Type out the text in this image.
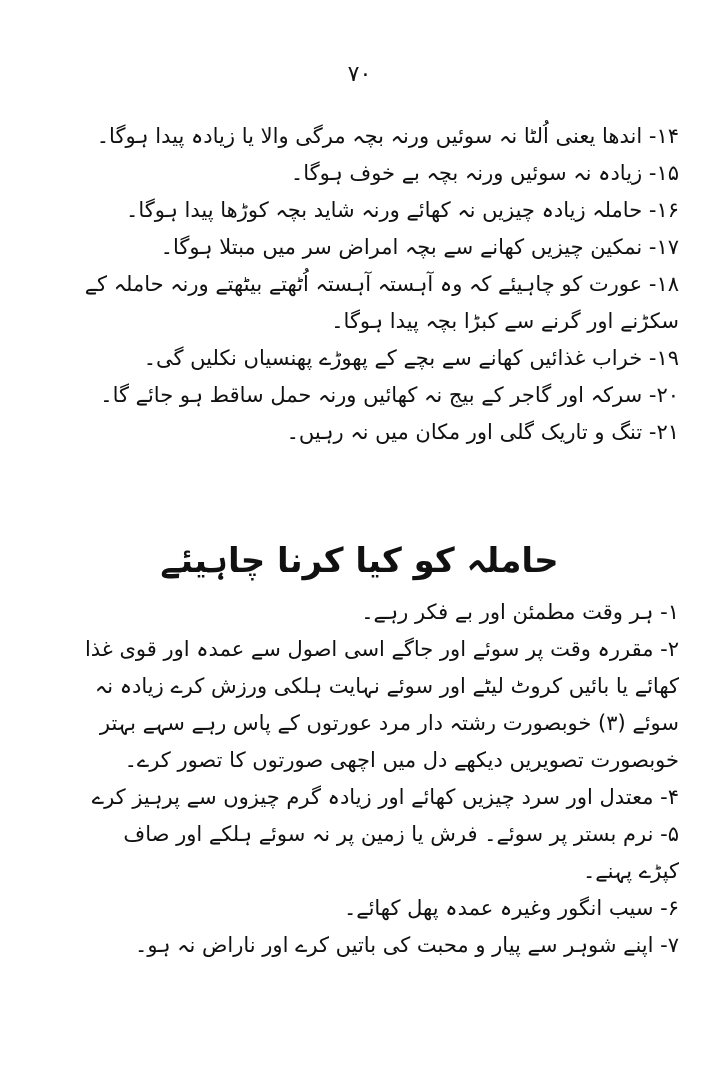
۷۰

۱۴- اندھا یعنی اُلٹا نہ سوئیں ورنہ بچہ مرگی والا یا زیادہ پیدا ہوگا۔

۱۵- زیادہ نہ سوئیں ورنہ بچہ بے خوف ہوگا۔

۱۶- حاملہ زیادہ چیزیں نہ کھائے ورنہ شاید بچہ کوڑھا پیدا ہوگا۔

۱۷- نمکین چیزیں کھانے سے بچہ امراض سر میں مبتلا ہوگا۔

۱۸- عورت کو چاہیئے کہ وہ آہستہ آہستہ اُٹھتے بیٹھتے ورنہ حاملہ کے

سکڑنے اور گرنے سے کبڑا بچہ پیدا ہوگا۔

۱۹- خراب غذائیں کھانے سے بچے کے پھوڑے پھنسیاں نکلیں گی۔

۲۰- سرکہ اور گاجر کے بیج نہ کھائیں ورنہ حمل ساقط ہو جائے گا۔

۲۱- تنگ و تاریک گلی اور مکان میں نہ رہیں۔

حاملہ کو کیا کرنا چاہیئے

۱- ہر وقت مطمئن اور بے فکر رہے۔

۲- مقررہ وقت پر سوئے اور جاگے اسی اصول سے عمدہ اور قوی غذا

کھائے یا بائیں کروٹ لیٹے اور سوئے نہایت ہلکی ورزش کرے زیادہ نہ

سوئے (۳) خوبصورت رشتہ دار مرد عورتوں کے پاس رہے سہے بہتر

خوبصورت تصویریں دیکھے دل میں اچھی صورتوں کا تصور کرے۔

۴- معتدل اور سرد چیزیں کھائے اور زیادہ گرم چیزوں سے پرہیز کرے

۵- نرم بستر پر سوئے۔ فرش یا زمین پر نہ سوئے ہلکے اور صاف

کپڑے پہنے۔

۶- سیب انگور وغیرہ عمدہ پھل کھائے۔

۷- اپنے شوہر سے پیار و محبت کی باتیں کرے اور ناراض نہ ہو۔
